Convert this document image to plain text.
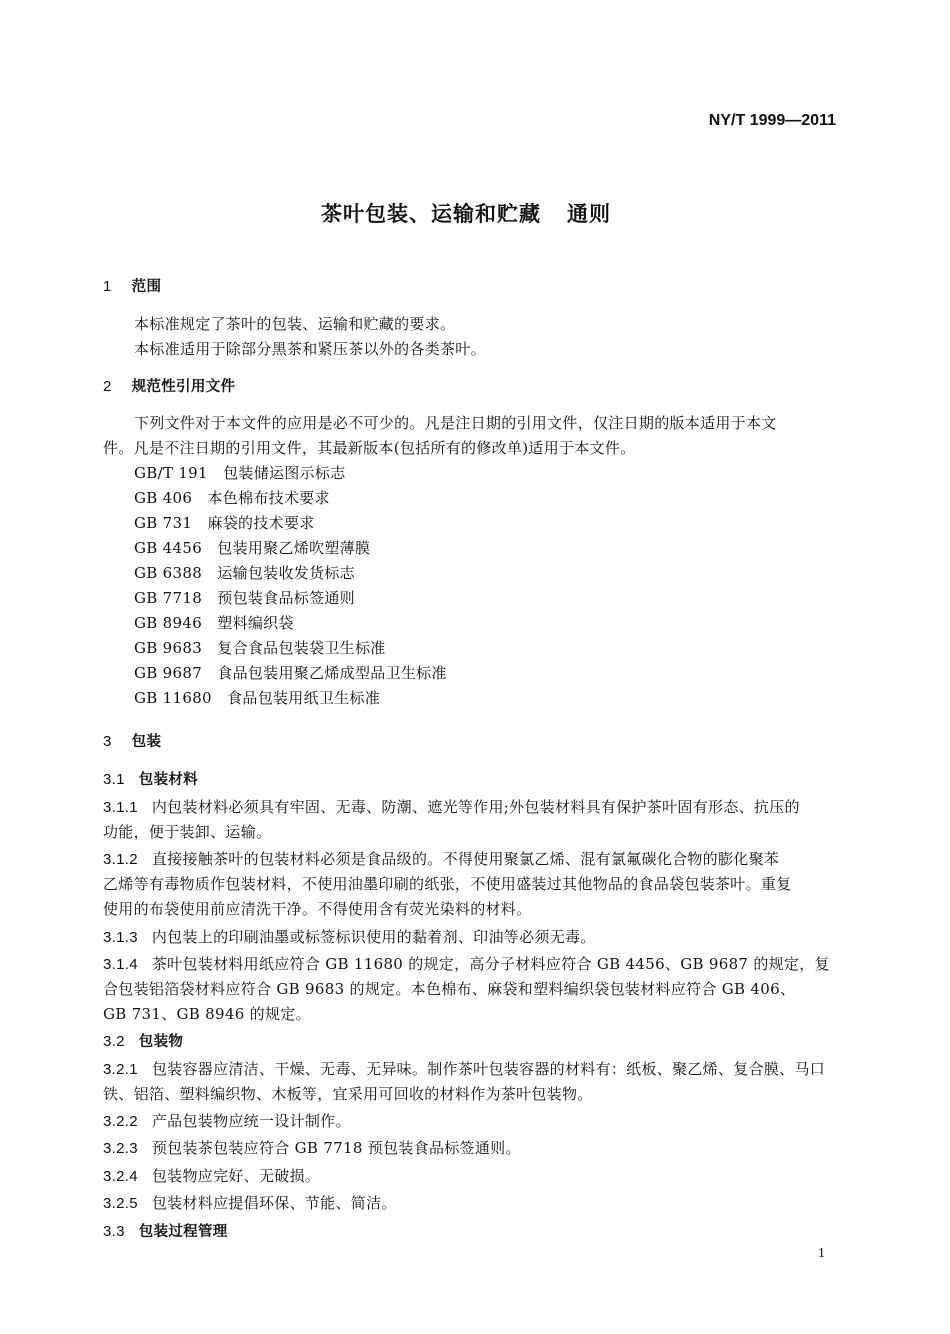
NY/T 1999—2011
茶叶包装、运输和贮藏 通则
1 范围
本标准规定了茶叶的包装、运输和贮藏的要求。
本标准适用于除部分黑茶和紧压茶以外的各类茶叶。
2 规范性引用文件
下列文件对于本文件的应用是必不可少的。凡是注日期的引用文件，仅注日期的版本适用于本文
件。凡是不注日期的引用文件，其最新版本(包括所有的修改单)适用于本文件。
GB/T 191 包装储运图示标志
GB 406 本色棉布技术要求
GB 731 麻袋的技术要求
GB 4456 包装用聚乙烯吹塑薄膜
GB 6388 运输包装收发货标志
GB 7718 预包装食品标签通则
GB 8946 塑料编织袋
GB 9683 复合食品包装袋卫生标准
GB 9687 食品包装用聚乙烯成型品卫生标准
GB 11680 食品包装用纸卫生标准
3 包装
3.1 包装材料
3.1.1 内包装材料必须具有牢固、无毒、防潮、遮光等作用;外包装材料具有保护茶叶固有形态、抗压的
功能，便于装卸、运输。
3.1.2 直接接触茶叶的包装材料必须是食品级的。不得使用聚氯乙烯、混有氯氟碳化合物的膨化聚苯
乙烯等有毒物质作包装材料，不使用油墨印刷的纸张，不使用盛装过其他物品的食品袋包装茶叶。重复
使用的布袋使用前应清洗干净。不得使用含有荧光染料的材料。
3.1.3 内包装上的印刷油墨或标签标识使用的黏着剂、印油等必须无毒。
3.1.4 茶叶包装材料用纸应符合 GB 11680 的规定，高分子材料应符合 GB 4456、GB 9687 的规定，复
合包装铝箔袋材料应符合 GB 9683 的规定。本色棉布、麻袋和塑料编织袋包装材料应符合 GB 406、
GB 731、GB 8946 的规定。
3.2 包装物
3.2.1 包装容器应清洁、干燥、无毒、无异味。制作茶叶包装容器的材料有：纸板、聚乙烯、复合膜、马口
铁、铝箔、塑料编织物、木板等，宜采用可回收的材料作为茶叶包装物。
3.2.2 产品包装物应统一设计制作。
3.2.3 预包装茶包装应符合 GB 7718 预包装食品标签通则。
3.2.4 包装物应完好、无破损。
3.2.5 包装材料应提倡环保、节能、简洁。
3.3 包装过程管理
1
